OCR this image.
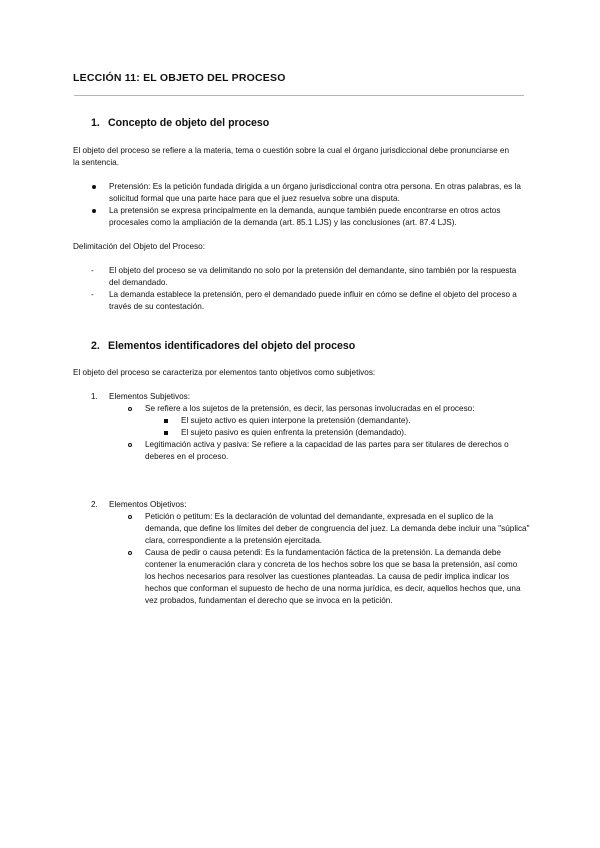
LECCIÓN 11: EL OBJETO DEL PROCESO
1. Concepto de objeto del proceso
El objeto del proceso se refiere a la materia, tema o cuestión sobre la cual el órgano jurisdiccional debe pronunciarse en la sentencia.
Pretensión: Es la petición fundada dirigida a un órgano jurisdiccional contra otra persona. En otras palabras, es la solicitud formal que una parte hace para que el juez resuelva sobre una disputa.
La pretensión se expresa principalmente en la demanda, aunque también puede encontrarse en otros actos procesales como la ampliación de la demanda (art. 85.1 LJS) y las conclusiones (art. 87.4 LJS).
Delimitación del Objeto del Proceso:
- El objeto del proceso se va delimitando no solo por la pretensión del demandante, sino también por la respuesta del demandado.
- La demanda establece la pretensión, pero el demandado puede influir en cómo se define el objeto del proceso a través de su contestación.
2. Elementos identificadores del objeto del proceso
El objeto del proceso se caracteriza por elementos tanto objetivos como subjetivos:
1. Elementos Subjetivos:
Se refiere a los sujetos de la pretensión, es decir, las personas involucradas en el proceso:
El sujeto activo es quien interpone la pretensión (demandante).
El sujeto pasivo es quien enfrenta la pretensión (demandado).
Legitimación activa y pasiva: Se refiere a la capacidad de las partes para ser titulares de derechos o deberes en el proceso.
2. Elementos Objetivos:
Petición o petitum: Es la declaración de voluntad del demandante, expresada en el suplico de la demanda, que define los límites del deber de congruencia del juez. La demanda debe incluir una "súplica" clara, correspondiente a la pretensión ejercitada.
Causa de pedir o causa petendi: Es la fundamentación fáctica de la pretensión. La demanda debe contener la enumeración clara y concreta de los hechos sobre los que se basa la pretensión, así como los hechos necesarios para resolver las cuestiones planteadas. La causa de pedir implica indicar los hechos que conforman el supuesto de hecho de una norma jurídica, es decir, aquellos hechos que, una vez probados, fundamentan el derecho que se invoca en la petición.
